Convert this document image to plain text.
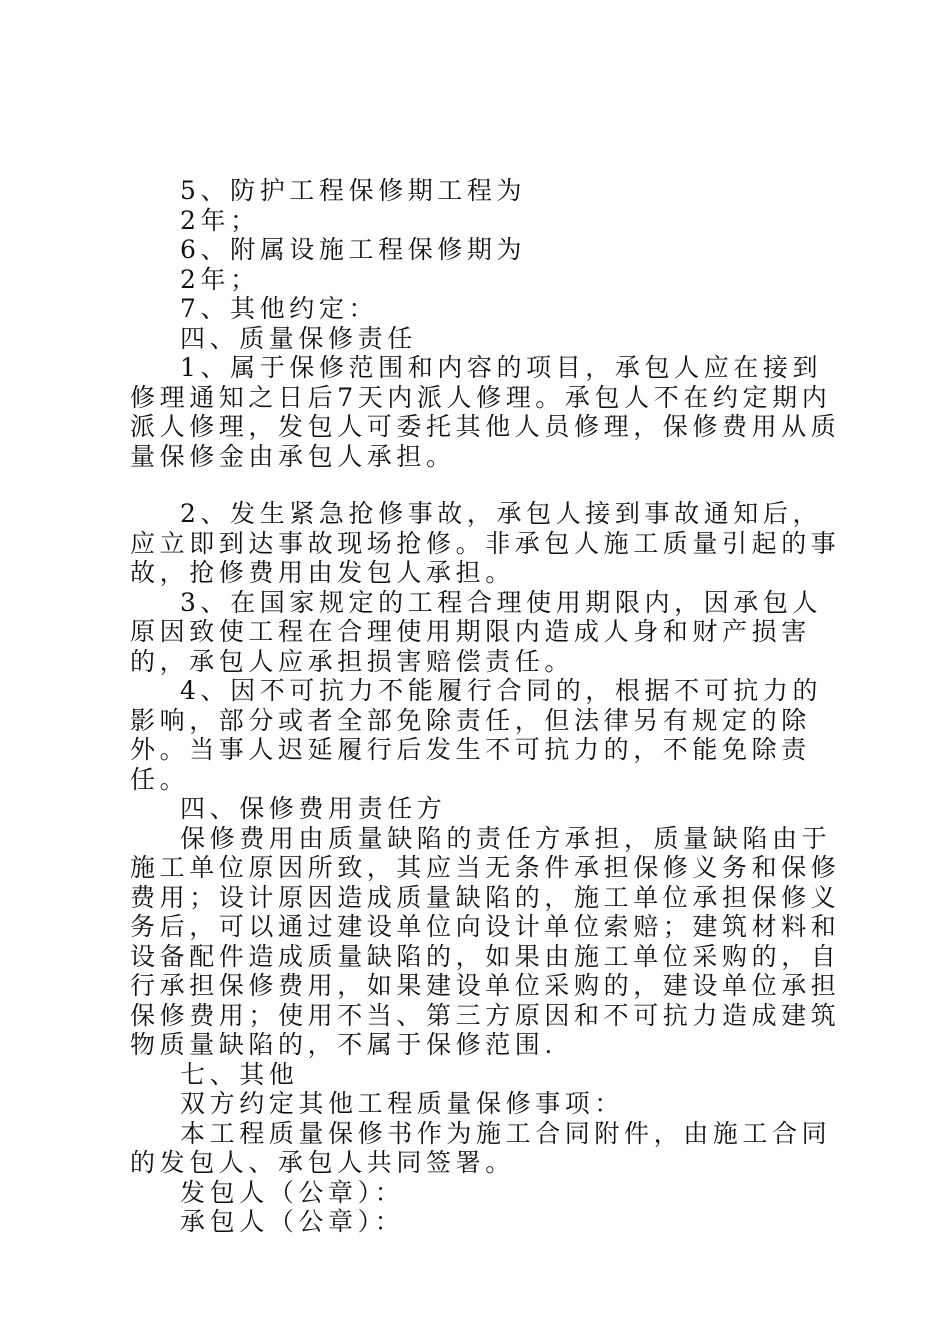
5、防护工程保修期工程为

2年；

6、附属设施工程保修期为

2年；

7、其他约定：

四、质量保修责任

1、属于保修范围和内容的项目，承包人应在接到修理通知之日后7天内派人修理。承包人不在约定期内派人修理，发包人可委托其他人员修理，保修费用从质量保修金由承包人承担。

2、发生紧急抢修事故，承包人接到事故通知后，应立即到达事故现场抢修。非承包人施工质量引起的事故，抢修费用由发包人承担。

3、在国家规定的工程合理使用期限内，因承包人原因致使工程在合理使用期限内造成人身和财产损害的，承包人应承担损害赔偿责任。

4、因不可抗力不能履行合同的，根据不可抗力的影响，部分或者全部免除责任，但法律另有规定的除外。当事人迟延履行后发生不可抗力的，不能免除责任。

四、保修费用责任方

保修费用由质量缺陷的责任方承担，质量缺陷由于施工单位原因所致，其应当无条件承担保修义务和保修费用；设计原因造成质量缺陷的，施工单位承担保修义务后，可以通过建设单位向设计单位索赔；建筑材料和设备配件造成质量缺陷的，如果由施工单位采购的，自行承担保修费用，如果建设单位采购的，建设单位承担保修费用；使用不当、第三方原因和不可抗力造成建筑物质量缺陷的，不属于保修范围.

七、其他

双方约定其他工程质量保修事项：

本工程质量保修书作为施工合同附件，由施工合同的发包人、承包人共同签署。

发包人（公章）：

承包人（公章）：
